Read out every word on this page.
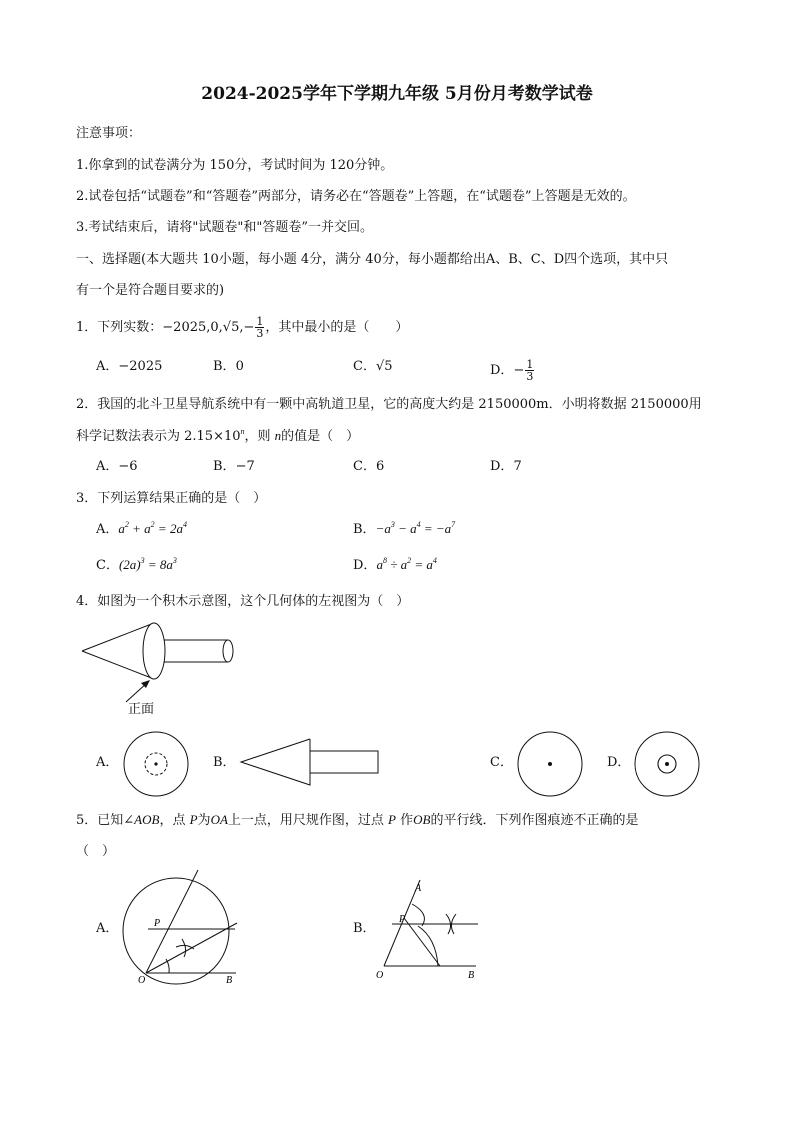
2024-2025学年下学期九年级 5月份月考数学试卷
注意事项：
1.你拿到的试卷满分为 150分，考试时间为 120分钟。
2.试卷包括“试题卷”和“答题卷”两部分，请务必在“答题卷”上答题，在“试题卷”上答题是无效的。
3.考试结束后，请将"试题卷"和"答题卷”一并交回。
一、选择题(本大题共 10小题，每小题 4分，满分 40分，每小题都给出A、B、C、D四个选项，其中只
有一个是符合题目要求的)
1．下列实数：$-2025,0,√5,- \frac{1}{3}$ ，其中最小的是（　　）
A．−2025	B．0	C．√5	D．− $\frac{1}{3}$
2．我国的北斗卫星导航系统中有一颗中高轨道卫星，它的高度大约是 2150000m．小明将数据 2150000用
科学记数法表示为 $2.15\times 10^n$，则 n的值是（　）
A．−6	B．−7	C．6	D．7
3．下列运算结果正确的是（　）
A．$a^2 + a^2 = 2a^4$	B．$-a^3 - a^4 = -a^7$
C．$(2a)^3 = 8a^3$	D．$a^8 \div a^2 = a^4$
4．如图为一个积木示意图，这个几何体的左视图为（　）
正面
A．	B．	C．	D．
5．已知∠AOB，点 P为OA上一点，用尺规作图，过点 P 作OB的平行线．下列作图痕迹不正确的是
（　）
A．	P
O	B
B．
A
P
O	B
